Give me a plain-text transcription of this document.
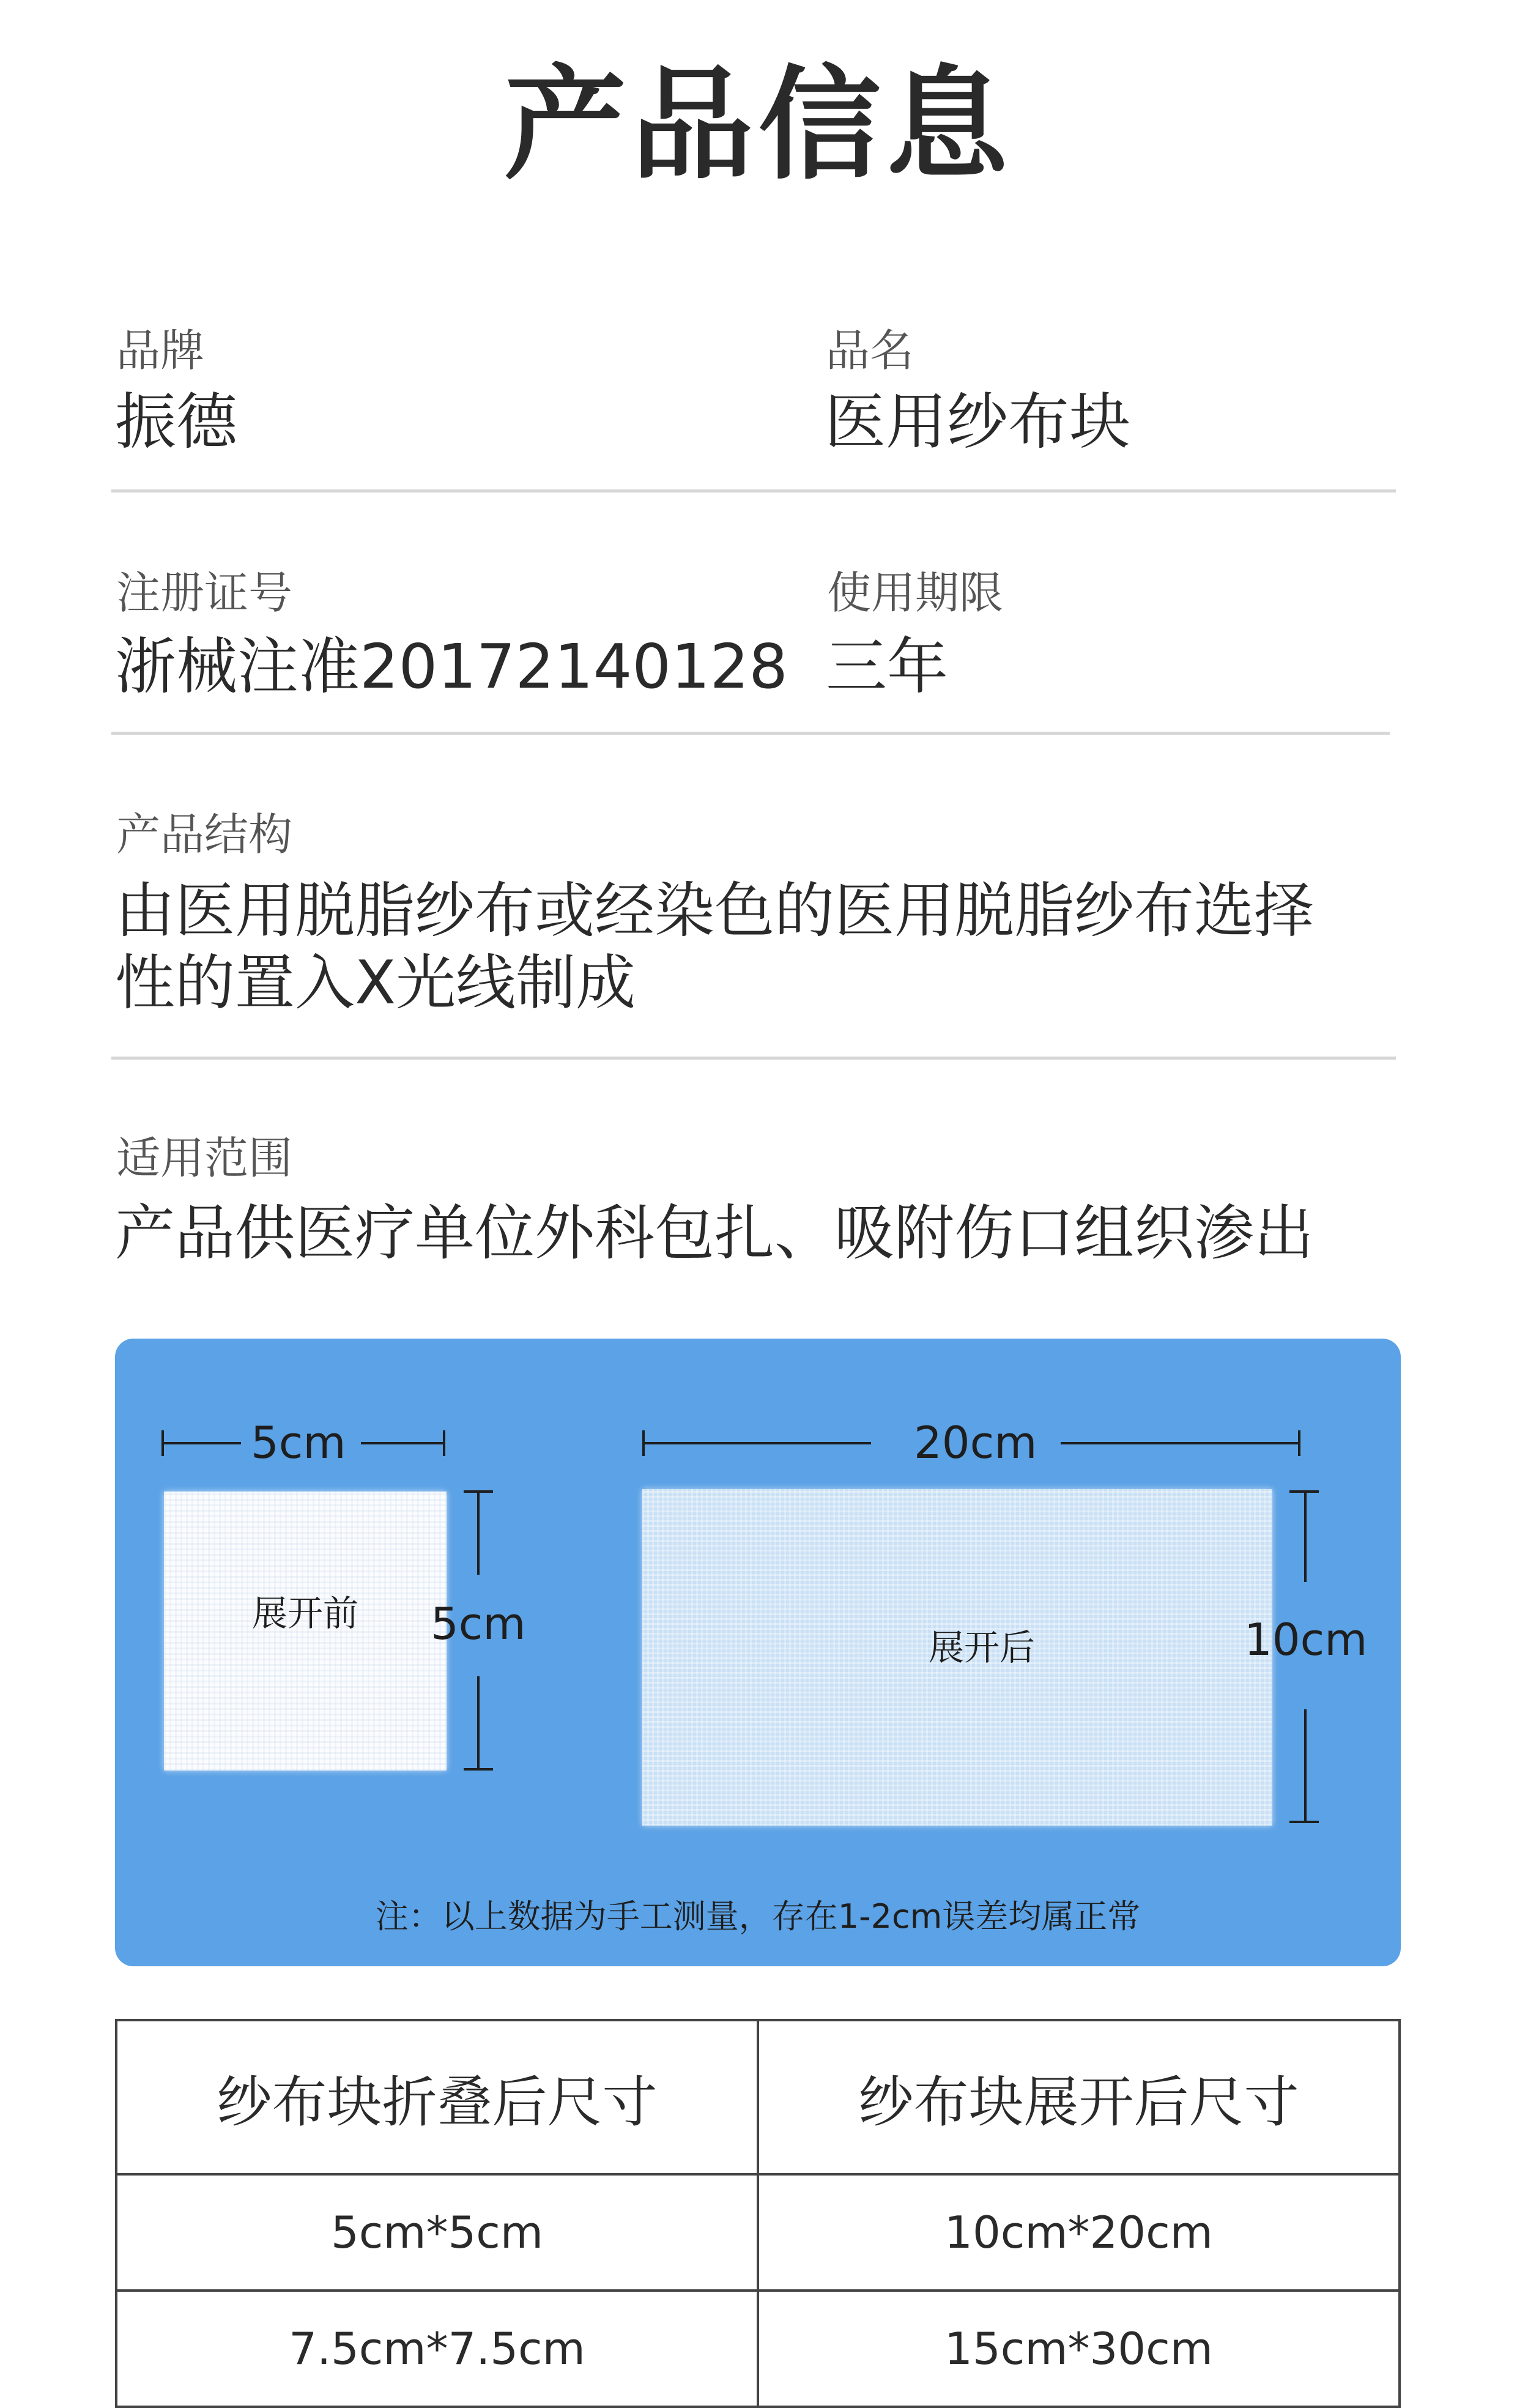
产品信息
品牌
振德
品名
医用纱布块
注册证号
浙械注准20172140128
使用期限
三年
产品结构
由医用脱脂纱布或经染色的医用脱脂纱布选择
性的置入X光线制成
适用范围
产品供医疗单位外科包扎、吸附伤口组织渗出
5cm
展开前 5cm
20cm
展开后	10cm
注：以上数据为手工测量，存在1-2cm误差均属正常
纱布块折叠后尺寸	纱布块展开后尺寸
5cm*5cm	10cm*20cm
7.5cm*7.5cm	15cm*30cm
